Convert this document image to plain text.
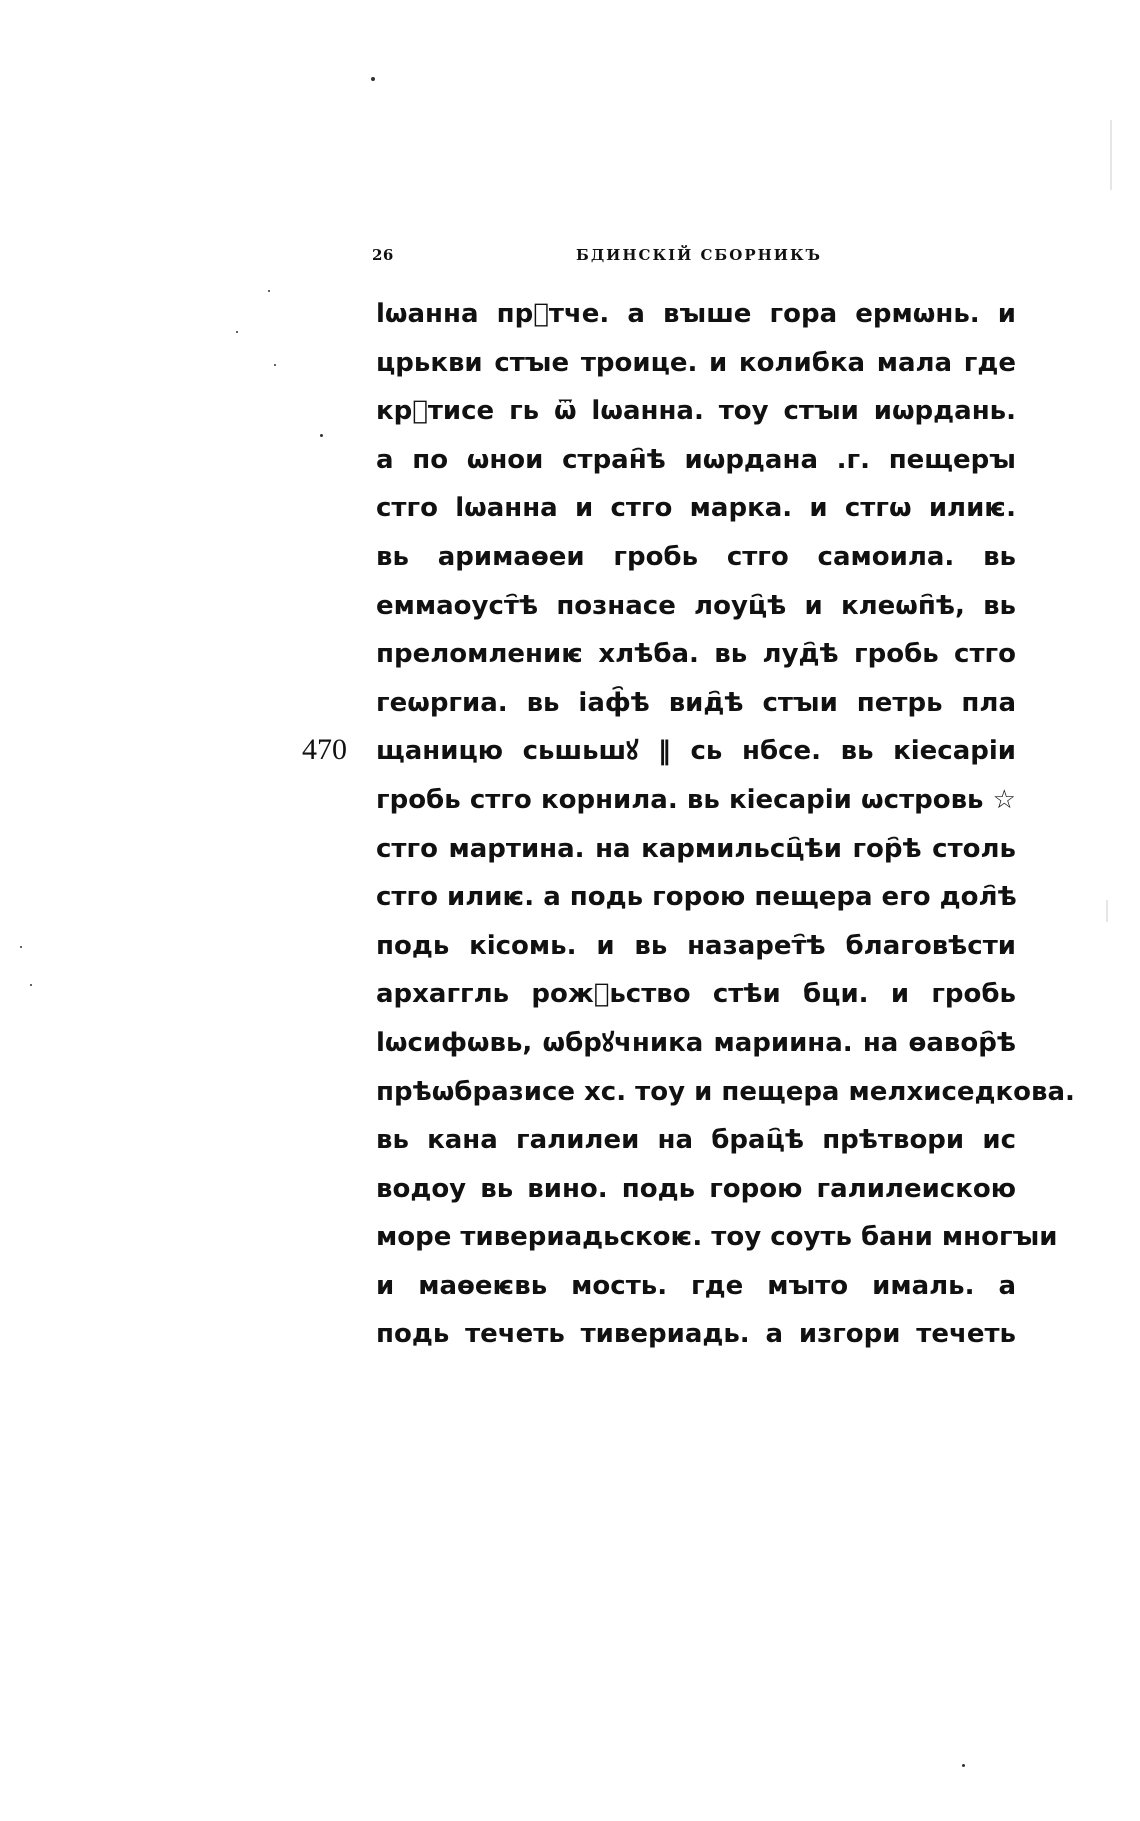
26	БДИНСКІЙ СБОРНИКЪ
470
ӏѡанна прⷣтче. а вꙑше гора ермѡнь. и
црькви стꙑе троице. и колибка мала где
крⷭтисе гь ѿ ӏѡанна. тоу стꙑи иѡрдань.
а по ѡнои стран҄ѣ иѡрдана .г. пещерꙑ
стго ӏѡанна и стго марка. и стгѡ илиѥ.
вь аримаѳеи гробь стго самоила. вь
еммаоуст҄ѣ познасе лоуц҄ѣ и клеѡп҄ѣ, вь
преломлениѥ хлѣба. вь луд҄ѣ гробь стго
геѡргиа. вь іаф҄ѣ вид҄ѣ стꙑи петрь пла
щаницю сьшьшꙋ ‖ сь нбсе. вь кіесаріи
гробь стго корнила. вь кіесаріи ѡстровь ☆
стго мартина. на кармильсц҄ѣи гор҄ѣ столь
стго илиѥ. а подь горою пещера его дол҄ѣ
подь кісомь. и вь назарет҄ѣ благовѣсти
архаггль рожⷣьство стѣи бци. и гробь
ӏѡсифѡвь, ѡбрꙋчника мариина. на ѳавор҄ѣ
прѣѡбразисе хс. тоу и пещера мелхиседкова.
вь кана галилеи на брац҄ѣ прѣтвори ис
водоу вь вино. подь горою галилеискою
море тивериадьскоѥ. тоу соуть бани многꙑи
и маѳеѥвь мость. где мꙑто ималь. а
подь течеть тивериадь. а изгори течеть
